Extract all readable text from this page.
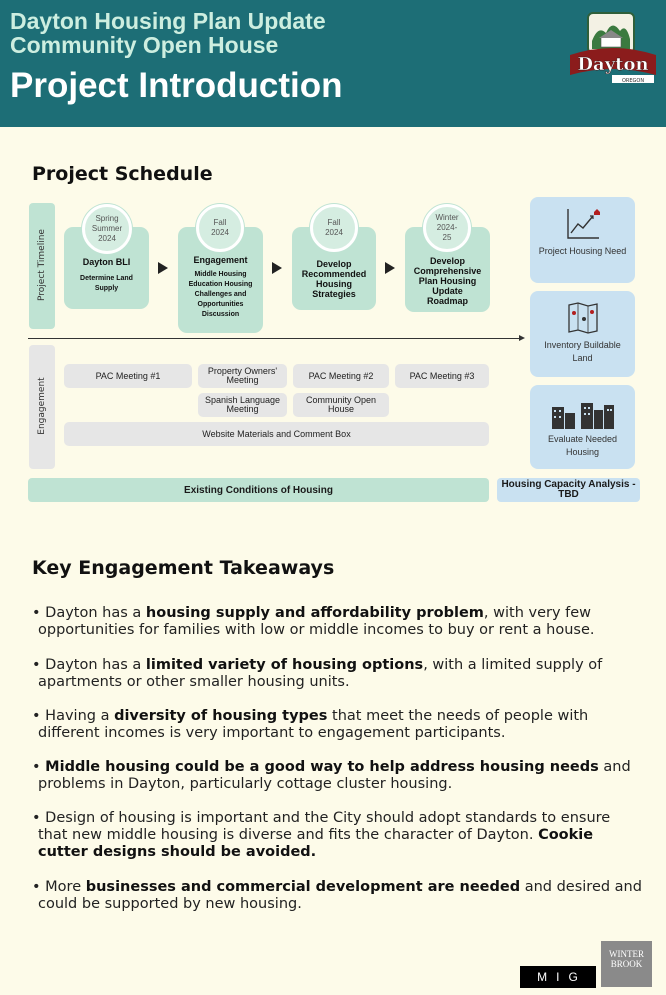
Dayton Housing Plan Update
Community Open House
Project Introduction
Dayton
OREGON
Project Schedule
Project Timeline	Dayton BLI
Determine Land Supply
Spring Summer 2024
Engagement
Middle Housing Education Housing Challenges and Opportunities Discussion
Fall 2024
Develop Recommended Housing Strategies
Fall 2024
Develop Comprehensive Plan Housing Update Roadmap
Winter 2024-25
Engagement
PAC Meeting #1	Property Owners' Meeting	PAC Meeting #2	PAC Meeting #3
Spanish Language Meeting
Community Open House
Website Materials and Comment Box
Project Housing Need
Inventory Buildable Land
Evaluate Needed Housing
Existing Conditions of Housing	Housing Capacity Analysis - TBD
Key Engagement Takeaways
• Dayton has a housing supply and affordability problem, with very few opportunities for families with low or middle incomes to buy or rent a house.
• Dayton has a limited variety of housing options, with a limited supply of apartments or other smaller housing units.
• Having a diversity of housing types that meet the needs of people with different incomes is very important to engagement participants.
• Middle housing could be a good way to help address housing needs and problems in Dayton, particularly cottage cluster housing.
• Design of housing is important and the City should adopt standards to ensure that new middle housing is diverse and fits the character of Dayton. Cookie cutter designs should be avoided.
• More businesses and commercial development are needed and desired and could be supported by new housing.
MIG
WINTER BROOK
